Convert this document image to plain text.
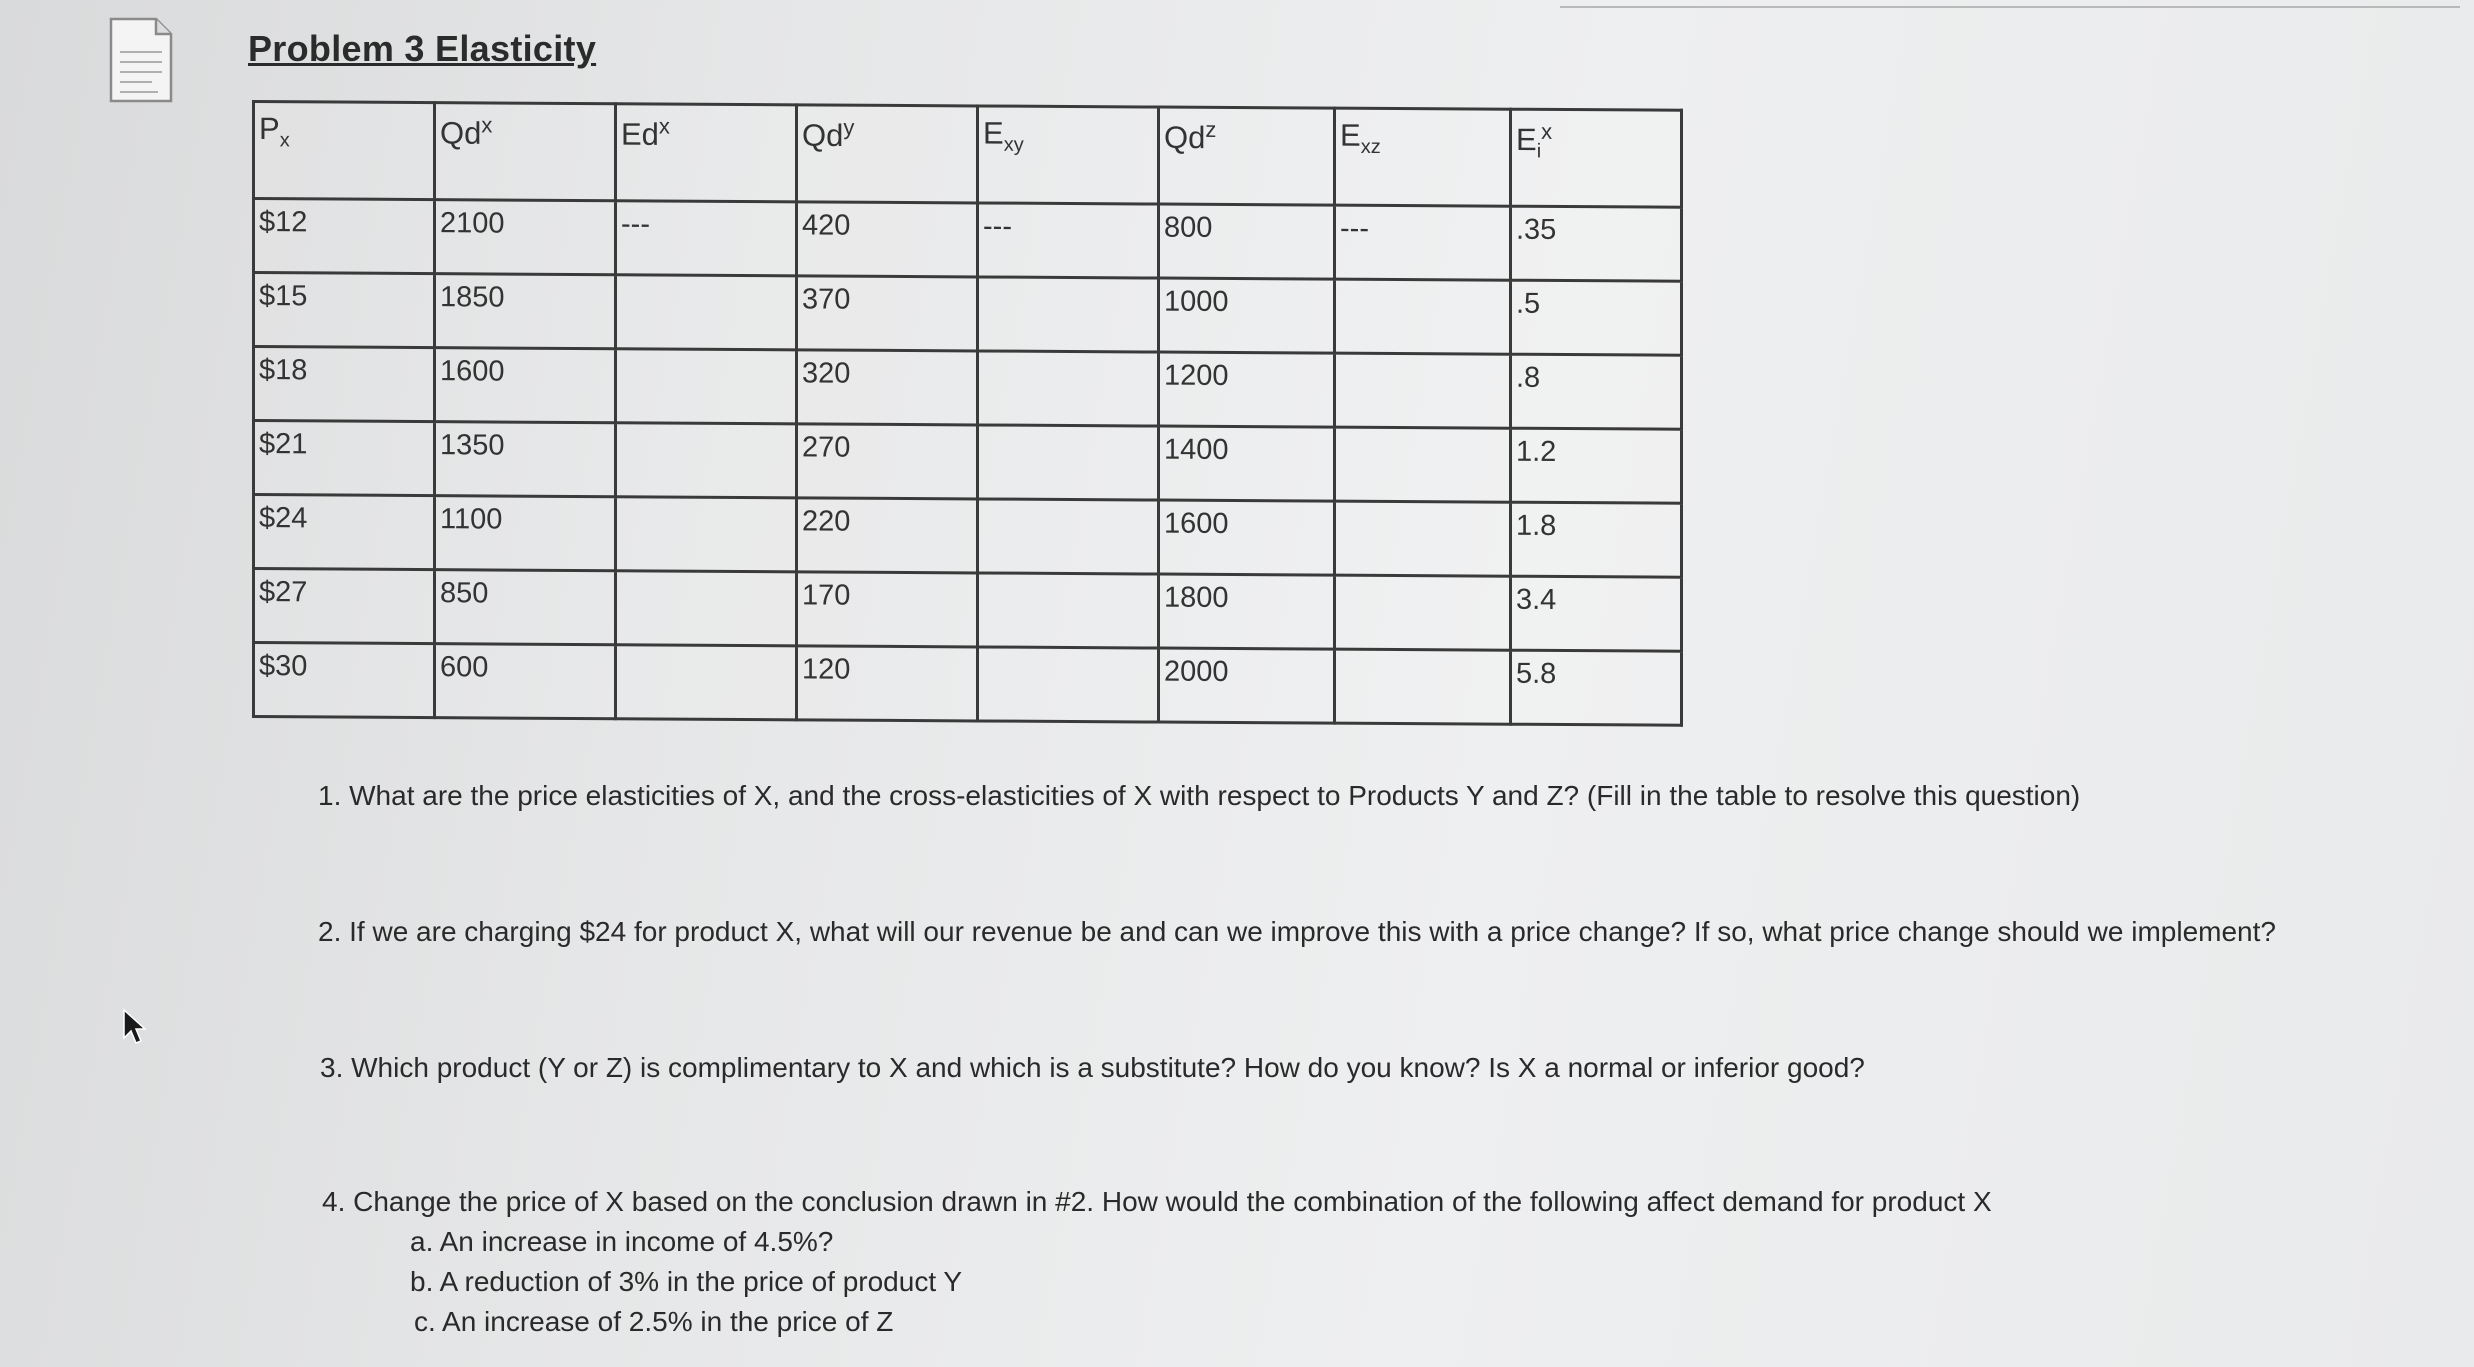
Problem 3 Elasticity
$P_x$	Qd$^x$	Ed$^x$	Qd$^y$	$E_{xy}$	Qd$^z$	$E_{xz}$	$E_i^x$
$12	2100	---	420	---	800	---	.35
$15	1850		370		1000		.5
$18	1600		320		1200		.8
$21	1350		270		1400		1.2
$24	1100		220		1600		1.8
$27	850		170		1800		3.4
$30	600		120		2000		5.8
1. What are the price elasticities of X, and the cross-elasticities of X with respect to Products Y and Z? (Fill in the table to resolve this question)
2. If we are charging $24 for product X, what will our revenue be and can we improve this with a price change? If so, what price change should we implement?
3. Which product (Y or Z) is complimentary to X and which is a substitute? How do you know? Is X a normal or inferior good?
4. Change the price of X based on the conclusion drawn in #2. How would the combination of the following affect demand for product X
a. An increase in income of 4.5%?
b. A reduction of 3% in the price of product Y
c. An increase of 2.5% in the price of Z
